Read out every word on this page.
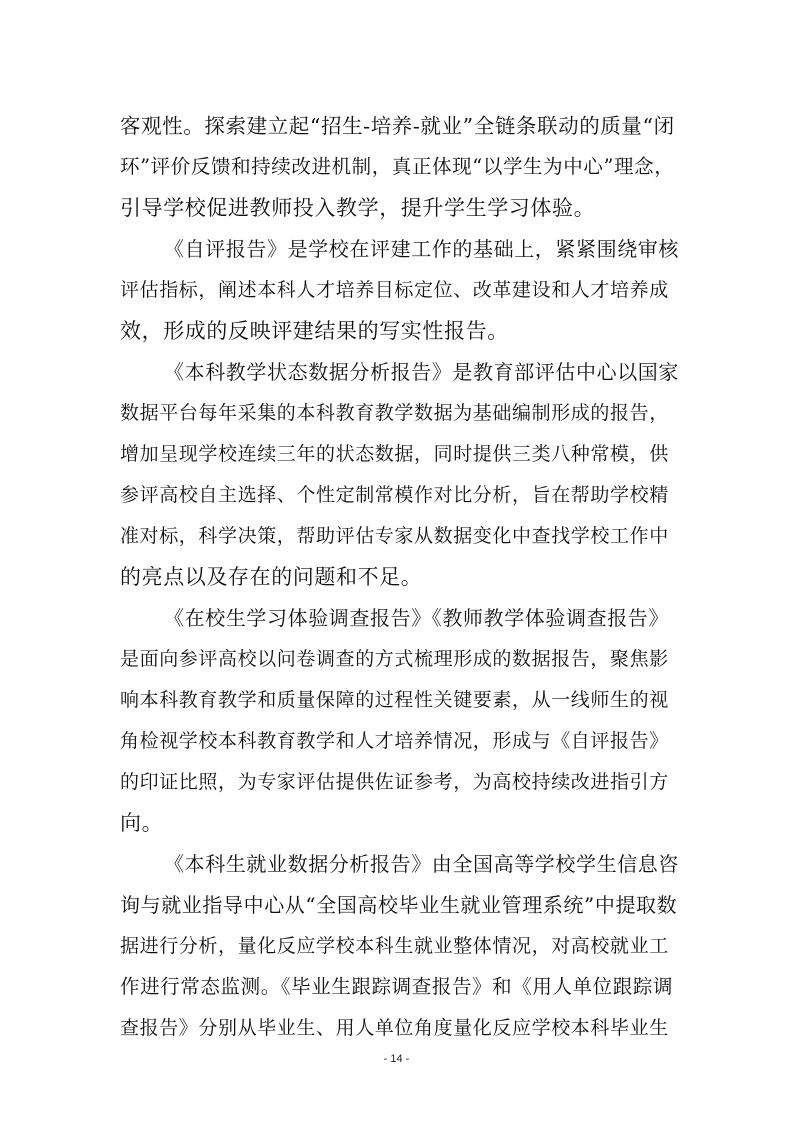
客观性。探索建立起“招生-培养-就业”全链条联动的质量“闭
环”评价反馈和持续改进机制，真正体现“以学生为中心”理念，
引导学校促进教师投入教学，提升学生学习体验。
《自评报告》是学校在评建工作的基础上，紧紧围绕审核
评估指标，阐述本科人才培养目标定位、改革建设和人才培养成
效，形成的反映评建结果的写实性报告。
《本科教学状态数据分析报告》是教育部评估中心以国家
数据平台每年采集的本科教育教学数据为基础编制形成的报告，
增加呈现学校连续三年的状态数据，同时提供三类八种常模，供
参评高校自主选择、个性定制常模作对比分析，旨在帮助学校精
准对标，科学决策，帮助评估专家从数据变化中查找学校工作中
的亮点以及存在的问题和不足。
《在校生学习体验调查报告》《教师教学体验调查报告》
是面向参评高校以问卷调查的方式梳理形成的数据报告，聚焦影
响本科教育教学和质量保障的过程性关键要素，从一线师生的视
角检视学校本科教育教学和人才培养情况，形成与《自评报告》
的印证比照，为专家评估提供佐证参考，为高校持续改进指引方
向。
《本科生就业数据分析报告》由全国高等学校学生信息咨
询与就业指导中心从“全国高校毕业生就业管理系统”中提取数
据进行分析，量化反应学校本科生就业整体情况，对高校就业工
作进行常态监测。《毕业生跟踪调查报告》和《用人单位跟踪调
查报告》分别从毕业生、用人单位角度量化反应学校本科毕业生
- 14 -
